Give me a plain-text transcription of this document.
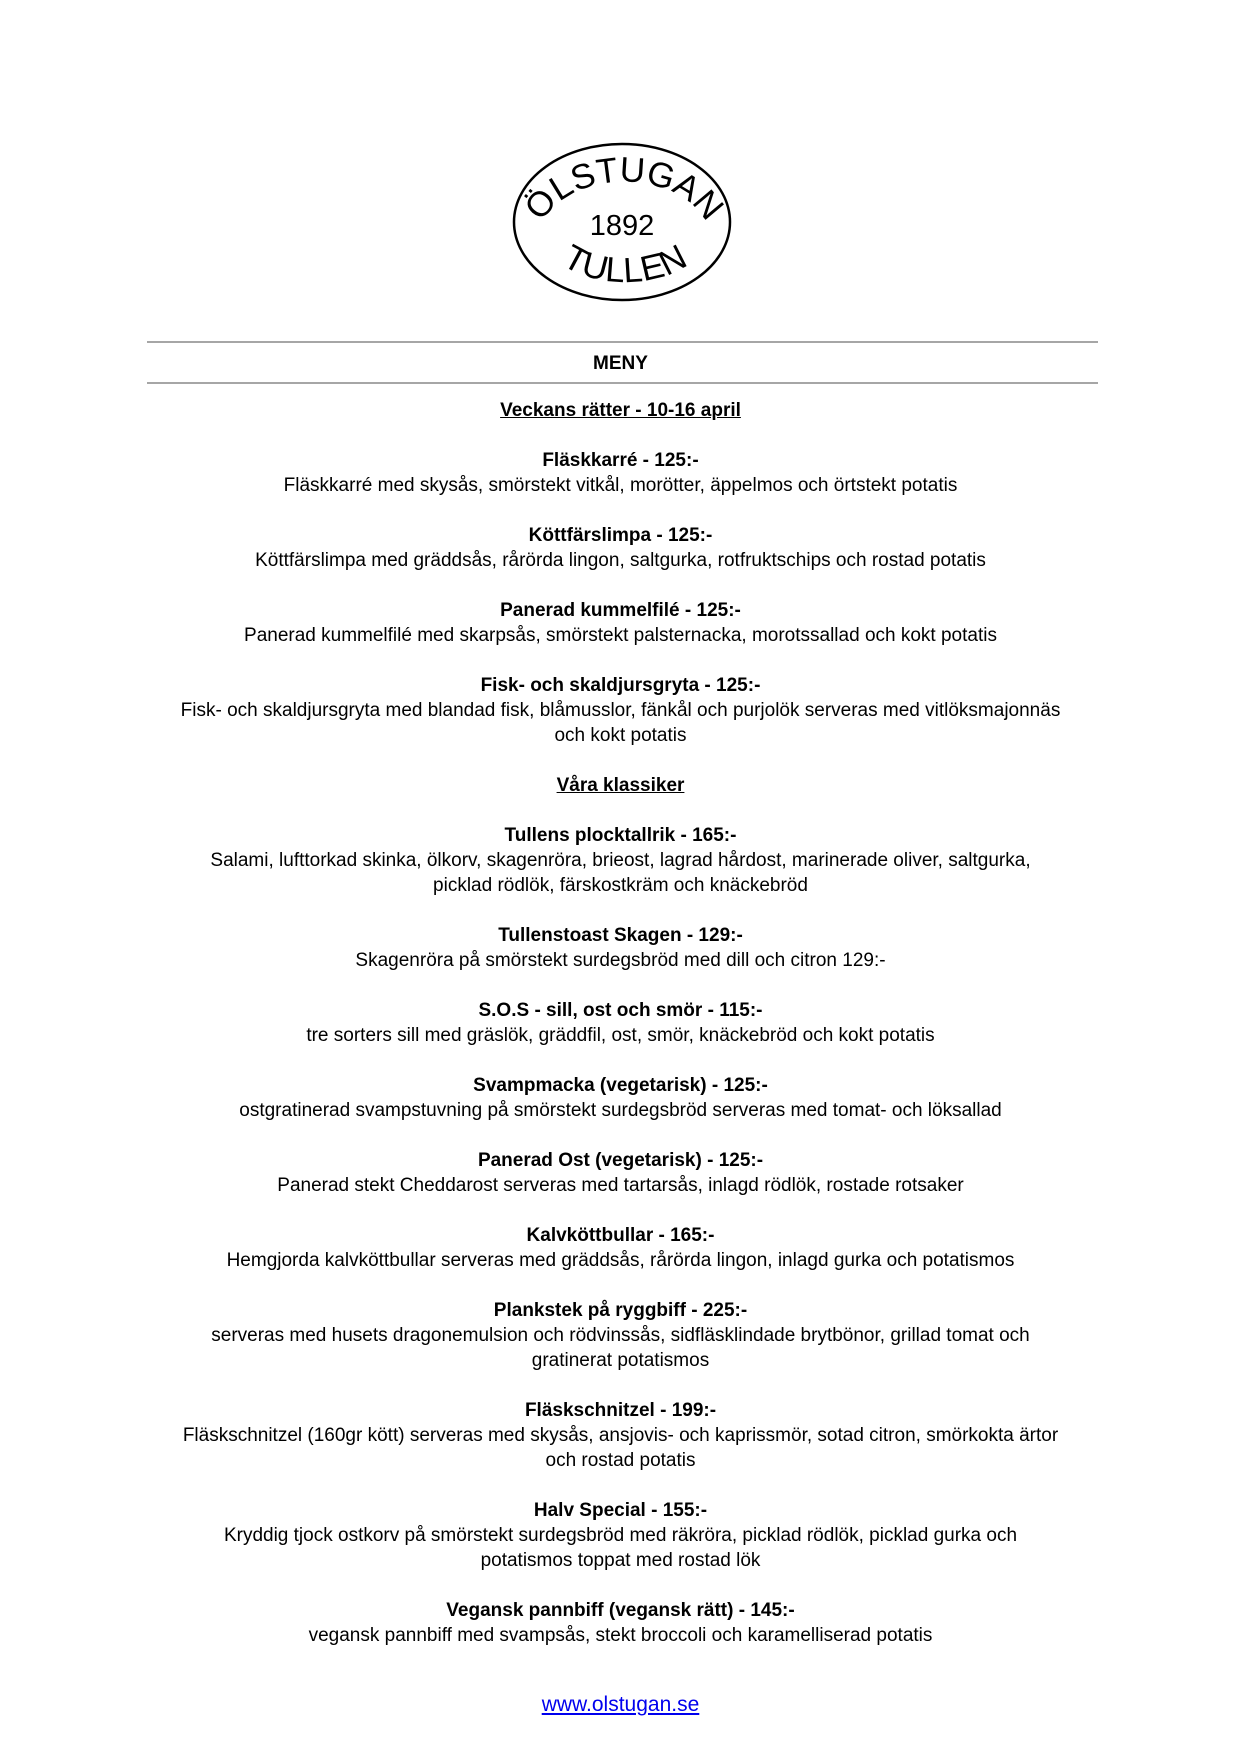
ÖLSTUGAN
1892
TULLEN
MENY
Veckans rätter - 10-16 april
Fläskkarré - 125:-
Fläskkarré med skysås, smörstekt vitkål, morötter, äppelmos och örtstekt potatis
Köttfärslimpa - 125:-
Köttfärslimpa med gräddsås, rårörda lingon, saltgurka, rotfruktschips och rostad potatis
Panerad kummelfilé - 125:-
Panerad kummelfilé med skarpsås, smörstekt palsternacka, morotssallad och kokt potatis
Fisk- och skaldjursgryta - 125:-
Fisk- och skaldjursgryta med blandad fisk, blåmusslor, fänkål och purjolök serveras med vitlöksmajonnäs och kokt potatis
Våra klassiker
Tullens plocktallrik - 165:-
Salami, lufttorkad skinka, ölkorv, skagenröra, brieost, lagrad hårdost, marinerade oliver, saltgurka, picklad rödlök, färskostkräm och knäckebröd
Tullenstoast Skagen - 129:-
Skagenröra på smörstekt surdegsbröd med dill och citron 129:-
S.O.S - sill, ost och smör - 115:-
tre sorters sill med gräslök, gräddfil, ost, smör, knäckebröd och kokt potatis
Svampmacka (vegetarisk) - 125:-
ostgratinerad svampstuvning på smörstekt surdegsbröd serveras med tomat- och löksallad
Panerad Ost (vegetarisk) - 125:-
Panerad stekt Cheddarost serveras med tartarsås, inlagd rödlök, rostade rotsaker
Kalvköttbullar - 165:-
Hemgjorda kalvköttbullar serveras med gräddsås, rårörda lingon, inlagd gurka och potatismos
Plankstek på ryggbiff - 225:-
serveras med husets dragonemulsion och rödvinssås, sidfläsklindade brytbönor, grillad tomat och gratinerat potatismos
Fläskschnitzel - 199:-
Fläskschnitzel (160gr kött) serveras med skysås, ansjovis- och kaprissmör, sotad citron, smörkokta ärtor och rostad potatis
Halv Special - 155:-
Kryddig tjock ostkorv på smörstekt surdegsbröd med räkröra, picklad rödlök, picklad gurka och potatismos toppat med rostad lök
Vegansk pannbiff (vegansk rätt) - 145:-
vegansk pannbiff med svampsås, stekt broccoli och karamelliserad potatis
www.olstugan.se
